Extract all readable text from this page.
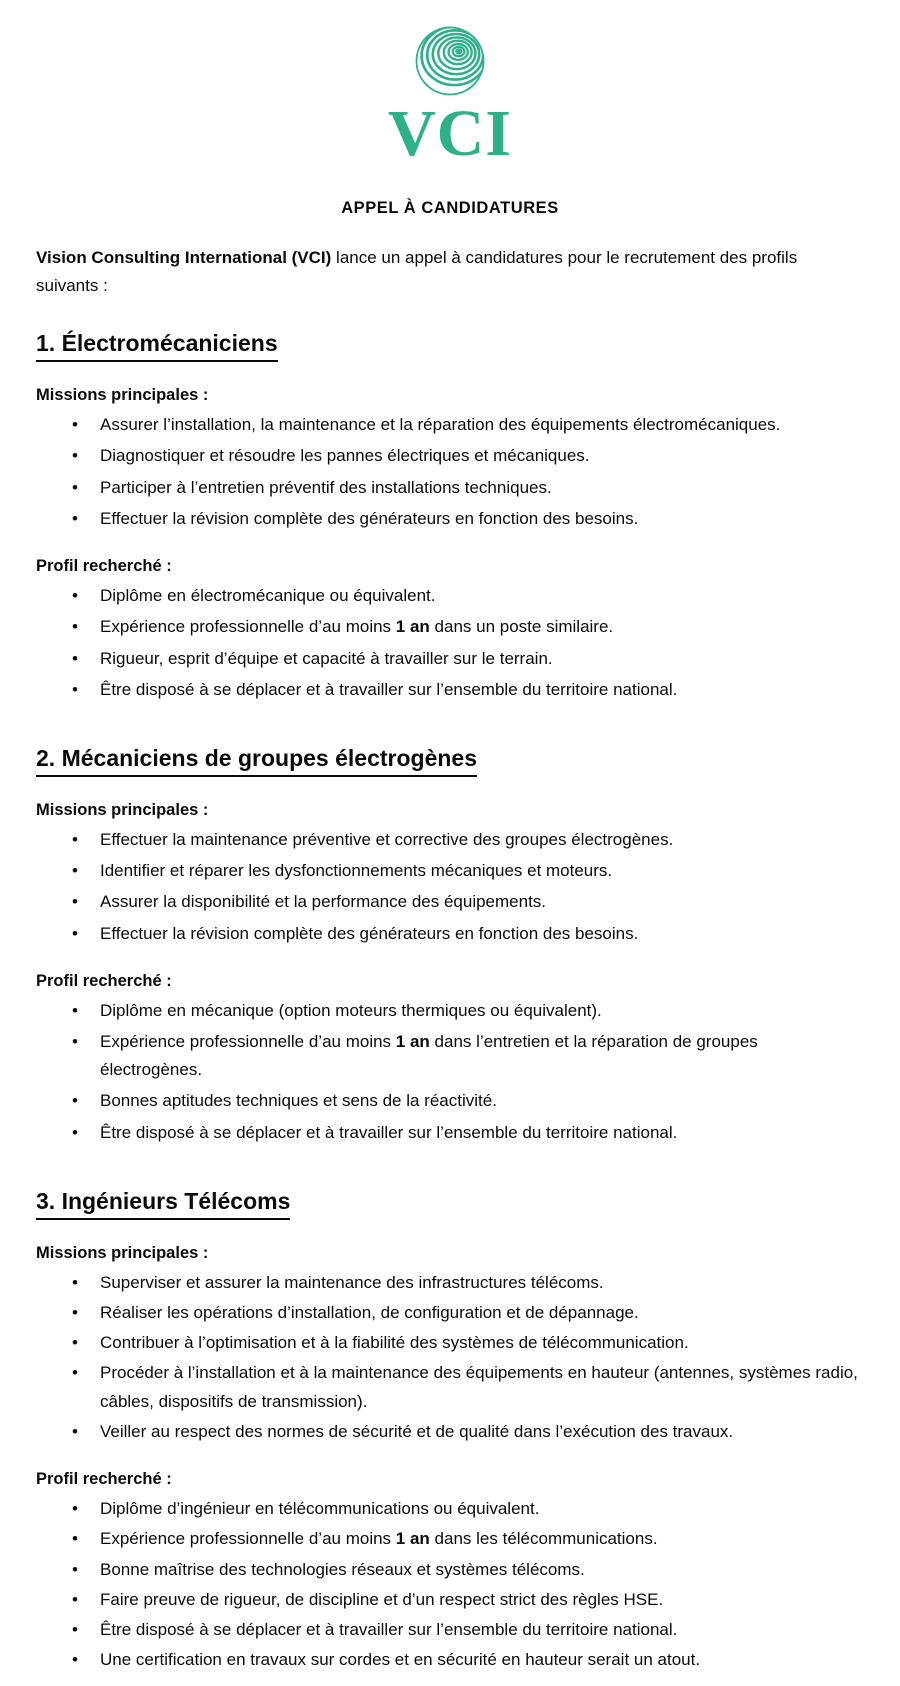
VCI
APPEL À CANDIDATURES

Vision Consulting International (VCI) lance un appel à candidatures pour le recrutement des profils suivants :

1. Électromécaniciens
Missions principales :
• Assurer l’installation, la maintenance et la réparation des équipements électromécaniques.
• Diagnostiquer et résoudre les pannes électriques et mécaniques.
• Participer à l’entretien préventif des installations techniques.
• Effectuer la révision complète des générateurs en fonction des besoins.
Profil recherché :
• Diplôme en électromécanique ou équivalent.
• Expérience professionnelle d’au moins 1 an dans un poste similaire.
• Rigueur, esprit d’équipe et capacité à travailler sur le terrain.
• Être disposé à se déplacer et à travailler sur l’ensemble du territoire national.
2. Mécaniciens de groupes électrogènes
Missions principales :
• Effectuer la maintenance préventive et corrective des groupes électrogènes.
• Identifier et réparer les dysfonctionnements mécaniques et moteurs.
• Assurer la disponibilité et la performance des équipements.
• Effectuer la révision complète des générateurs en fonction des besoins.
Profil recherché :
• Diplôme en mécanique (option moteurs thermiques ou équivalent).
• Expérience professionnelle d’au moins 1 an dans l’entretien et la réparation de groupes électrogènes.
• Bonnes aptitudes techniques et sens de la réactivité.
• Être disposé à se déplacer et à travailler sur l’ensemble du territoire national.
3. Ingénieurs Télécoms
Missions principales :
• Superviser et assurer la maintenance des infrastructures télécoms.
• Réaliser les opérations d’installation, de configuration et de dépannage.
• Contribuer à l’optimisation et à la fiabilité des systèmes de télécommunication.
• Procéder à l’installation et à la maintenance des équipements en hauteur (antennes, systèmes radio, câbles, dispositifs de transmission).
• Veiller au respect des normes de sécurité et de qualité dans l’exécution des travaux.
Profil recherché :
• Diplôme d’ingénieur en télécommunications ou équivalent.
• Expérience professionnelle d’au moins 1 an dans les télécommunications.
• Bonne maîtrise des technologies réseaux et systèmes télécoms.
• Faire preuve de rigueur, de discipline et d’un respect strict des règles HSE.
• Être disposé à se déplacer et à travailler sur l’ensemble du territoire national.
• Une certification en travaux sur cordes et en sécurité en hauteur serait un atout.
